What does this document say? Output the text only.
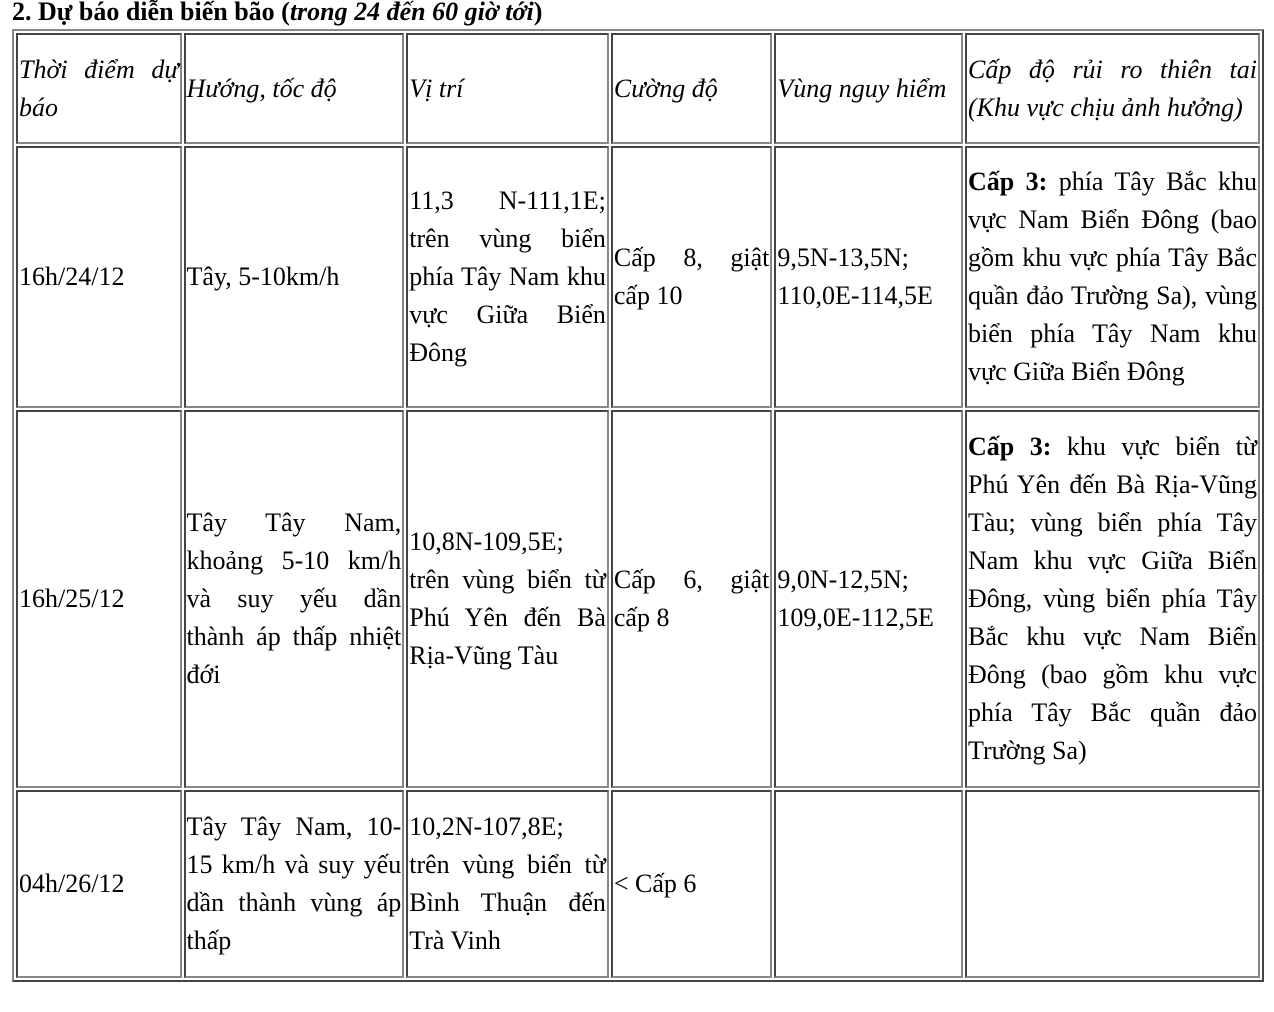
2. Dự báo diễn biến bão (trong 24 đến 60 giờ tới)
Thời điểm dự báo	Hướng, tốc độ	Vị trí	Cường độ	Vùng nguy hiểm	Cấp độ rủi ro thiên tai (Khu vực chịu ảnh hưởng)
16h/24/12	Tây, 5-10km/h	11,3 N-111,1E; trên vùng biển phía Tây Nam khu vực Giữa Biển Đông	Cấp 8, giật cấp 10	9,5N-13,5N; 110,0E-114,5E	Cấp 3: phía Tây Bắc khu vực Nam Biển Đông (bao gồm khu vực phía Tây Bắc quần đảo Trường Sa), vùng biển phía Tây Nam khu vực Giữa Biển Đông
16h/25/12	Tây Tây Nam, khoảng 5-10 km/h và suy yếu dần thành áp thấp nhiệt đới	10,8N-109,5E; trên vùng biển từ Phú Yên đến Bà Rịa-Vũng Tàu	Cấp 6, giật cấp 8	9,0N-12,5N; 109,0E-112,5E	Cấp 3: khu vực biển từ Phú Yên đến Bà Rịa-Vũng Tàu; vùng biển phía Tây Nam khu vực Giữa Biển Đông, vùng biển phía Tây Bắc khu vực Nam Biển Đông (bao gồm khu vực phía Tây Bắc quần đảo Trường Sa)
04h/26/12	Tây Tây Nam, 10-15 km/h và suy yếu dần thành vùng áp thấp	10,2N-107,8E; trên vùng biển từ Bình Thuận đến Trà Vinh	< Cấp 6		
